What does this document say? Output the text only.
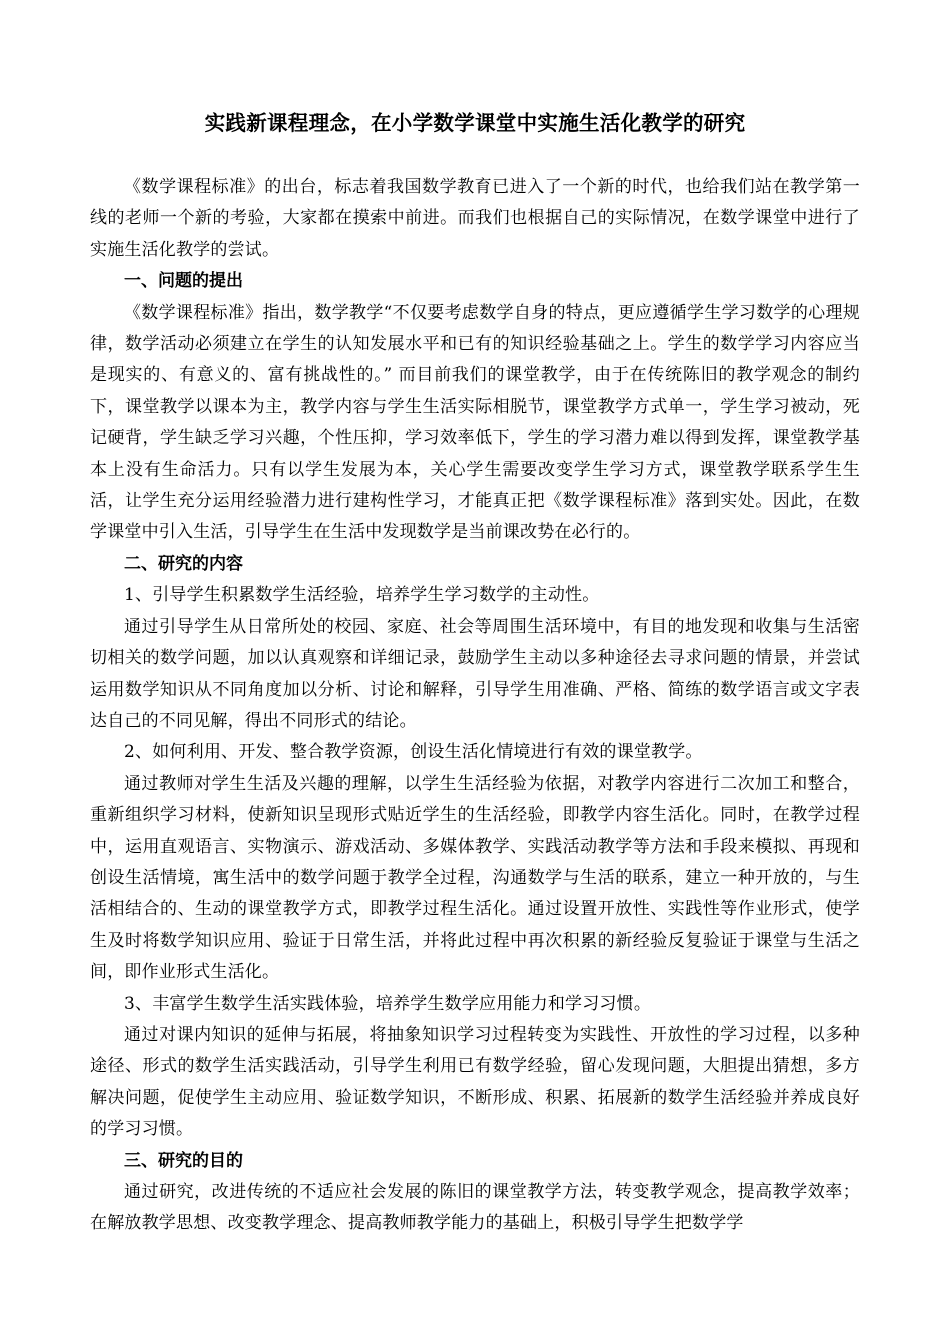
实践新课程理念，在小学数学课堂中实施生活化教学的研究

《数学课程标准》的出台，标志着我国数学教育已进入了一个新的时代，也给我们站在教学第一线的老师一个新的考验，大家都在摸索中前进。而我们也根据自己的实际情况，在数学课堂中进行了实施生活化教学的尝试。

一、问题的提出

《数学课程标准》指出，数学教学“不仅要考虑数学自身的特点，更应遵循学生学习数学的心理规律，数学活动必须建立在学生的认知发展水平和已有的知识经验基础之上。学生的数学学习内容应当是现实的、有意义的、富有挑战性的。” 而目前我们的课堂教学，由于在传统陈旧的教学观念的制约下，课堂教学以课本为主，教学内容与学生生活实际相脱节，课堂教学方式单一，学生学习被动，死记硬背，学生缺乏学习兴趣，个性压抑，学习效率低下，学生的学习潜力难以得到发挥，课堂教学基本上没有生命活力。只有以学生发展为本，关心学生需要改变学生学习方式，课堂教学联系学生生活，让学生充分运用经验潜力进行建构性学习，才能真正把《数学课程标准》落到实处。因此，在数学课堂中引入生活，引导学生在生活中发现数学是当前课改势在必行的。

二、研究的内容

1、引导学生积累数学生活经验，培养学生学习数学的主动性。

通过引导学生从日常所处的校园、家庭、社会等周围生活环境中，有目的地发现和收集与生活密切相关的数学问题，加以认真观察和详细记录，鼓励学生主动以多种途径去寻求问题的情景，并尝试运用数学知识从不同角度加以分析、讨论和解释，引导学生用准确、严格、简练的数学语言或文字表达自己的不同见解，得出不同形式的结论。

2、如何利用、开发、整合教学资源，创设生活化情境进行有效的课堂教学。

通过教师对学生生活及兴趣的理解，以学生生活经验为依据，对教学内容进行二次加工和整合，重新组织学习材料，使新知识呈现形式贴近学生的生活经验，即教学内容生活化。同时，在教学过程中，运用直观语言、实物演示、游戏活动、多媒体教学、实践活动教学等方法和手段来模拟、再现和创设生活情境，寓生活中的数学问题于教学全过程，沟通数学与生活的联系，建立一种开放的，与生活相结合的、生动的课堂教学方式，即教学过程生活化。通过设置开放性、实践性等作业形式，使学生及时将数学知识应用、验证于日常生活，并将此过程中再次积累的新经验反复验证于课堂与生活之间，即作业形式生活化。

3、丰富学生数学生活实践体验，培养学生数学应用能力和学习习惯。

通过对课内知识的延伸与拓展，将抽象知识学习过程转变为实践性、开放性的学习过程，以多种途径、形式的数学生活实践活动，引导学生利用已有数学经验，留心发现问题，大胆提出猜想，多方解决问题，促使学生主动应用、验证数学知识，不断形成、积累、拓展新的数学生活经验并养成良好的学习习惯。

三、研究的目的

通过研究，改进传统的不适应社会发展的陈旧的课堂教学方法，转变教学观念，提高教学效率；在解放教学思想、改变教学理念、提高教师教学能力的基础上，积极引导学生把数学学
